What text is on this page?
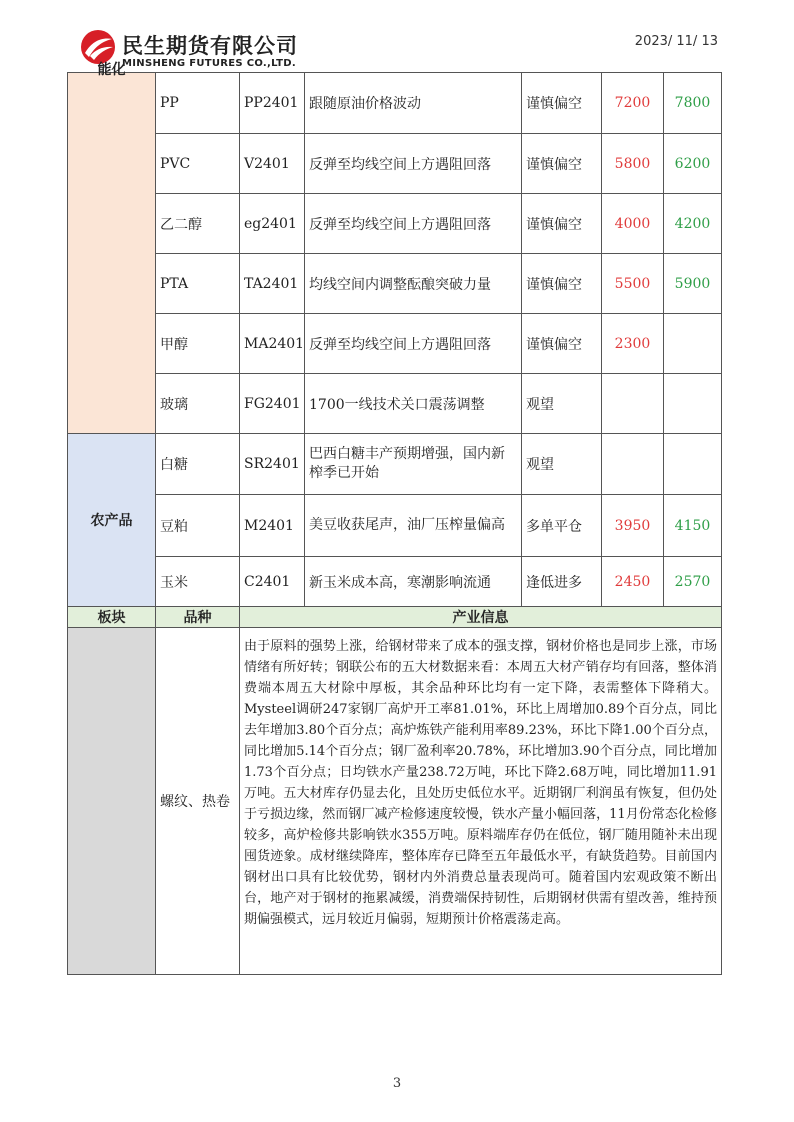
民生期货有限公司
MINSHENG FUTURES CO.,LTD.
2023/ 11/ 13
能化	PP	PP2401	跟随原油价格波动	谨慎偏空	7200	7800
	PVC	V2401	反弹至均线空间上方遇阻回落	谨慎偏空	5800	6200
	乙二醇	eg2401	反弹至均线空间上方遇阻回落	谨慎偏空	4000	4200
	PTA	TA2401	均线空间内调整酝酿突破力量	谨慎偏空	5500	5900
	甲醇	MA2401	反弹至均线空间上方遇阻回落	谨慎偏空	2300	
	玻璃	FG2401	1700一线技术关口震荡调整	观望		
农产品	白糖	SR2401	巴西白糖丰产预期增强，国内新榨季已开始	观望		
	豆粕	M2401	美豆收获尾声，油厂压榨量偏高	多单平仓	3950	4150
	玉米	C2401	新玉米成本高，寒潮影响流通	逢低进多	2450	2570
板块	品种	产业信息				
	螺纹、热卷	由于原料的强势上涨，给钢材带来了成本的强支撑，钢材价格也是同步上涨，市场情绪有所好转；钢联公布的五大材数据来看：本周五大材产销存均有回落，整体消费端本周五大材除中厚板，其余品种环比均有一定下降，表需整体下降稍大。Mysteel调研247家钢厂高炉开工率81.01%，环比上周增加0.89个百分点，同比去年增加3.80个百分点；高炉炼铁产能利用率89.23%，环比下降1.00个百分点，同比增加5.14个百分点；钢厂盈利率20.78%，环比增加3.90个百分点，同比增加1.73个百分点；日均铁水产量238.72万吨，环比下降2.68万吨，同比增加11.91万吨。五大材库存仍显去化，且处历史低位水平。近期钢厂利润虽有恢复，但仍处于亏损边缘，然而钢厂减产检修速度较慢，铁水产量小幅回落，11月份常态化检修较多，高炉检修共影响铁水355万吨。原料端库存仍在低位，钢厂随用随补未出现囤货迹象。成材继续降库，整体库存已降至五年最低水平，有缺货趋势。目前国内钢材出口具有比较优势，钢材内外消费总量表现尚可。随着国内宏观政策不断出台，地产对于钢材的拖累减缓，消费端保持韧性，后期钢材供需有望改善，维持预期偏强模式，远月较近月偏弱，短期预计价格震荡走高。				
3
